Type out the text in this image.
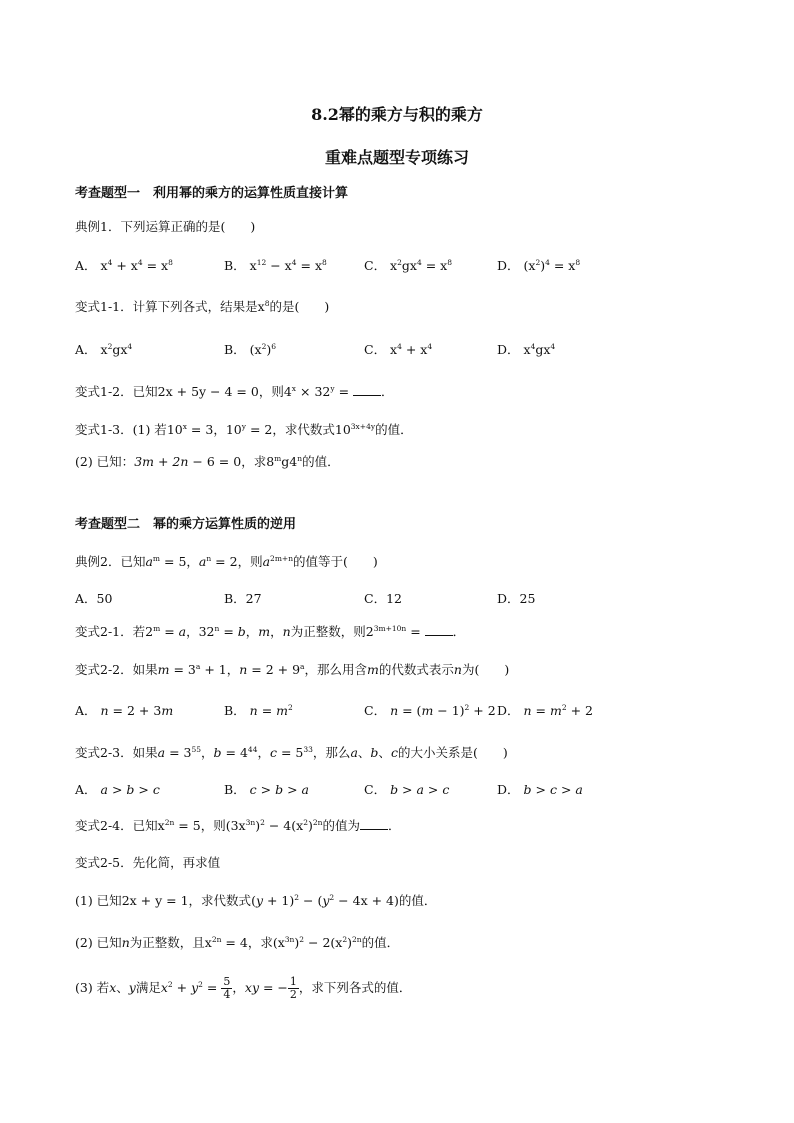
8.2幂的乘方与积的乘方
重难点题型专项练习
考查题型一　利用幂的乘方的运算性质直接计算
典例1．下列运算正确的是(　　)
A． $x^4 + x^4 = x^8$	B． $x^{12} - x^4 = x^8$	C． $x^2gx^4 = x^8$	D． $(x^2)^4 = x^8$
变式1-1．计算下列各式，结果是$x^8$的是(　　)
A． $x^2gx^4$	B． $(x^2)^6$	C． $x^4 + x^4$	D． $x^4gx^4$
变式1-2．已知2x + 5y − 4 = 0，则$4^x \times 32^y$ = ．
变式1-3．(1) 若$10^x = 3$，$10^y = 2$，求代数式$10^{3x+4y}$的值．
(2) 已知：3m + 2n − 6 = 0，求8$^m$g4$^n$的值．
考查题型二　幂的乘方运算性质的逆用
典例2．已知$a^m = 5$，$a^n = 2$，则$a^{2m+n}$的值等于(　　)
A．50	B．27	C．12	D．25
变式2-1．若$2^m = a$，$32^n = b$，m，n为正整数，则$2^{3m+10n}$ = ．
变式2-2．如果$m = 3^a + 1$，$n = 2 + 9^a$，那么用含m的代数式表示n为(　　)
A． n = 2 + 3m	B． $n = m^2$	C． $n = (m - 1)^2 + 2$ D． $n = m^2 + 2$
变式2-3．如果$a = 3^{55}$，$b = 4^{44}$，$c = 5^{33}$，那么a、b、c的大小关系是(　　)
A． a > b > c	B． c > b > a	C． b > a > c	D． b > c > a
变式2-4．已知$x^{2n} = 5$，则$(3x^{3n})^2 - 4(x^2)^{2n}$的值为 ．
变式2-5．先化简，再求值
(1) 已知2x + y = 1，求代数式$(y + 1)^2 - (y^2 - 4x + 4)$的值．
(2) 已知n为正整数，且$x^{2n} = 4$，求$(x^{3n})^2 - 2(x^2)^{2n}$的值．
(3) 若x、y满足$x^2 + y^2 = \frac{5}{4}$ ，xy = − $\frac{1}{2}$ ，求下列各式的值．
